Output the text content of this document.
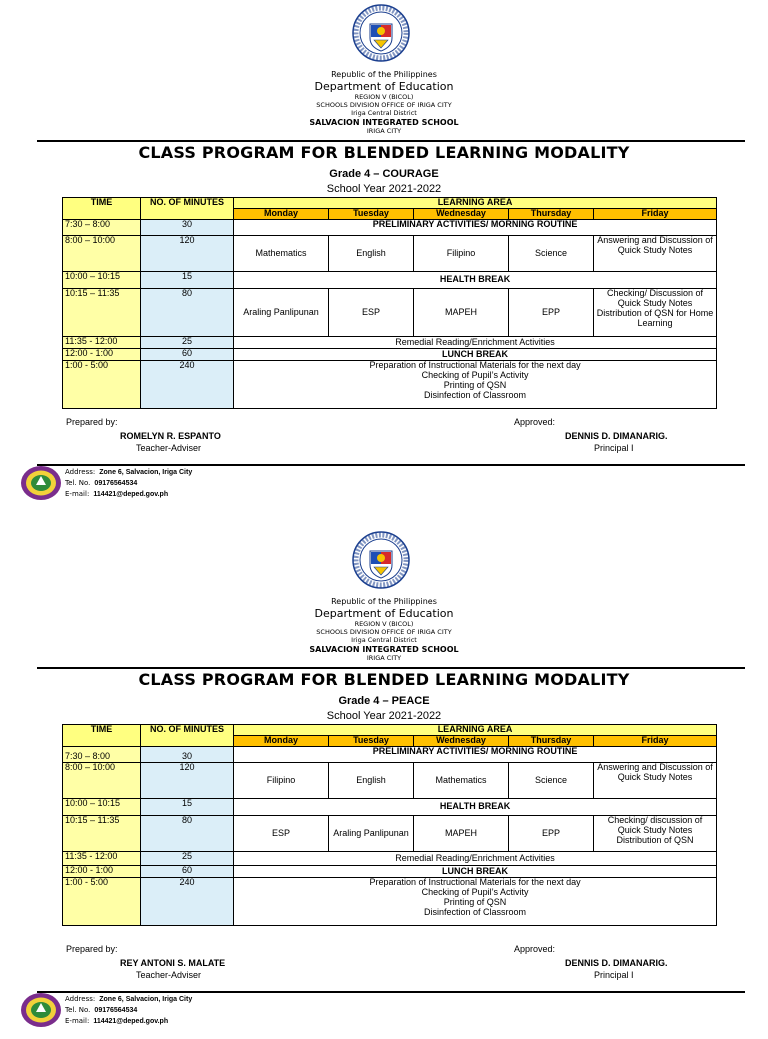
Republic of the Philippines
Department of Education
REGION V (BICOL)
SCHOOLS DIVISION OFFICE OF IRIGA CITY
Iriga Central District
SALVACION INTEGRATED SCHOOL
IRIGA CITY
CLASS PROGRAM FOR BLENDED LEARNING MODALITY
Grade 4 – COURAGE
School Year 2021-2022
TIME	NO. OF MINUTES	LEARNING AREA				
		Monday	Tuesday	Wednesday	Thursday	Friday
7:30 – 8:00	30	PRELIMINARY ACTIVITIES/ MORNING ROUTINE				
8:00 – 10:00	120	Mathematics	English	Filipino	Science	Answering and Discussion of Quick Study Notes
10:00 – 10:15	15	HEALTH BREAK				
10:15 – 11:35	80	Araling Panlipunan	ESP	MAPEH	EPP	Checking/ Discussion of Quick Study Notes Distribution of QSN for Home Learning
11:35 - 12:00	25	Remedial Reading/Enrichment Activities				
12:00 - 1:00	60	LUNCH BREAK				
1:00 - 5:00	240	Preparation of Instructional Materials for the next day
Checking of Pupil’s Activity
Printing of QSN
Disinfection of Classroom				
Prepared by:
ROMELYN R. ESPANTO
Teacher-Adviser
Approved:
DENNIS D. DIMANARIG.
Principal I
Address: Zone 6, Salvacion, Iriga City
Tel. No. 09176564534
E-mail: 114421@deped.gov.ph
Republic of the Philippines
Department of Education
REGION V (BICOL)
SCHOOLS DIVISION OFFICE OF IRIGA CITY
Iriga Central District
SALVACION INTEGRATED SCHOOL
IRIGA CITY
CLASS PROGRAM FOR BLENDED LEARNING MODALITY
Grade 4 – PEACE
School Year 2021-2022
TIME	NO. OF MINUTES	LEARNING AREA				
		Monday	Tuesday	Wednesday	Thursday	Friday
7:30 – 8:00	30	PRELIMINARY ACTIVITIES/ MORNING ROUTINE				
8:00 – 10:00	120	Filipino	English	Mathematics	Science	Answering and Discussion of Quick Study Notes
10:00 – 10:15	15	HEALTH BREAK				
10:15 – 11:35	80	ESP	Araling Panlipunan	MAPEH	EPP	Checking/ discussion of Quick Study Notes Distribution of QSN
11:35 - 12:00	25	Remedial Reading/Enrichment Activities				
12:00 - 1:00	60	LUNCH BREAK				
1:00 - 5:00	240	Preparation of Instructional Materials for the next day
Checking of Pupil’s Activity
Printing of QSN
Disinfection of Classroom				
Prepared by:
REY ANTONI S. MALATE
Teacher-Adviser
Approved:
DENNIS D. DIMANARIG.
Principal I
Address: Zone 6, Salvacion, Iriga City
Tel. No. 09176564534
E-mail: 114421@deped.gov.ph
